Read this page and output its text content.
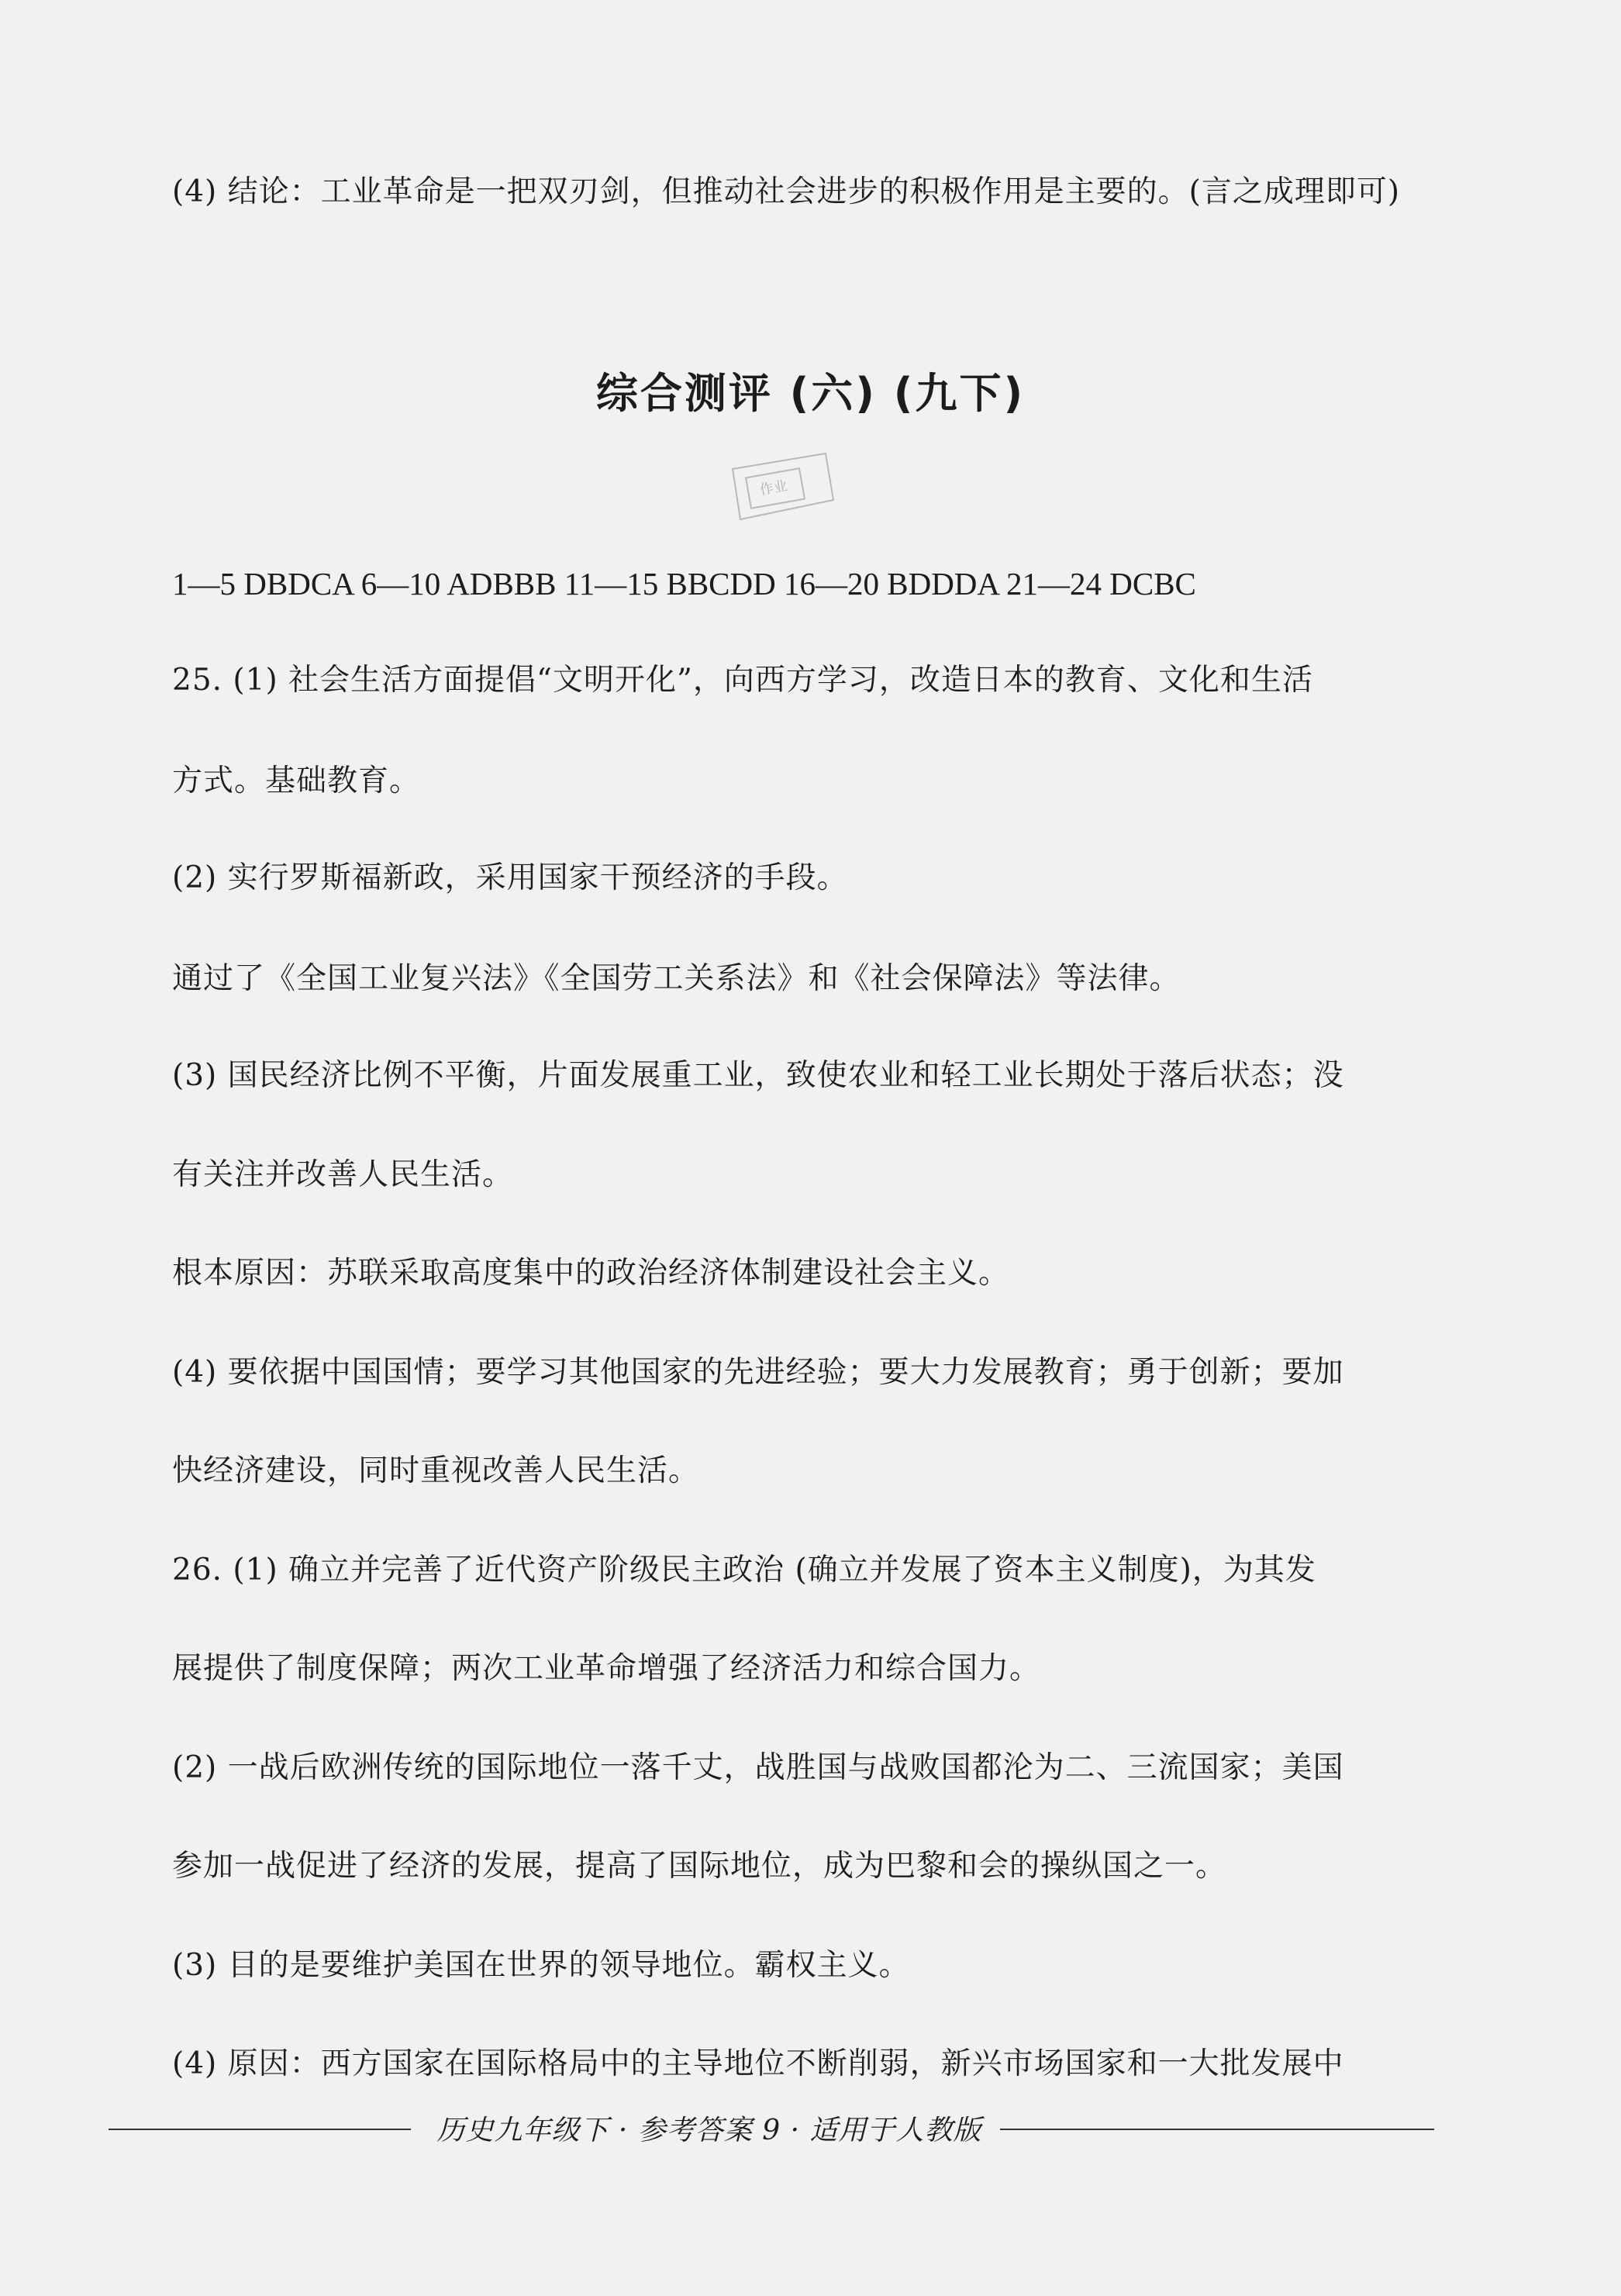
(4) 结论：工业革命是一把双刃剑，但推动社会进步的积极作用是主要的。(言之成理即可)
综合测评 (六) (九下)
作业
1—5 DBDCA 6—10 ADBBB 11—15 BBCDD 16—20 BDDDA 21—24 DCBC
25. (1) 社会生活方面提倡“文明开化”，向西方学习，改造日本的教育、文化和生活
方式。基础教育。
(2) 实行罗斯福新政，采用国家干预经济的手段。
通过了《全国工业复兴法》《全国劳工关系法》和《社会保障法》等法律。
(3) 国民经济比例不平衡，片面发展重工业，致使农业和轻工业长期处于落后状态；没
有关注并改善人民生活。
根本原因：苏联采取高度集中的政治经济体制建设社会主义。
(4) 要依据中国国情；要学习其他国家的先进经验；要大力发展教育；勇于创新；要加
快经济建设，同时重视改善人民生活。
26. (1) 确立并完善了近代资产阶级民主政治 (确立并发展了资本主义制度)，为其发
展提供了制度保障；两次工业革命增强了经济活力和综合国力。
(2) 一战后欧洲传统的国际地位一落千丈，战胜国与战败国都沦为二、三流国家；美国
参加一战促进了经济的发展，提高了国际地位，成为巴黎和会的操纵国之一。
(3) 目的是要维护美国在世界的领导地位。霸权主义。
(4) 原因：西方国家在国际格局中的主导地位不断削弱，新兴市场国家和一大批发展中
历史九年级下 · 参考答案 9 · 适用于人教版
